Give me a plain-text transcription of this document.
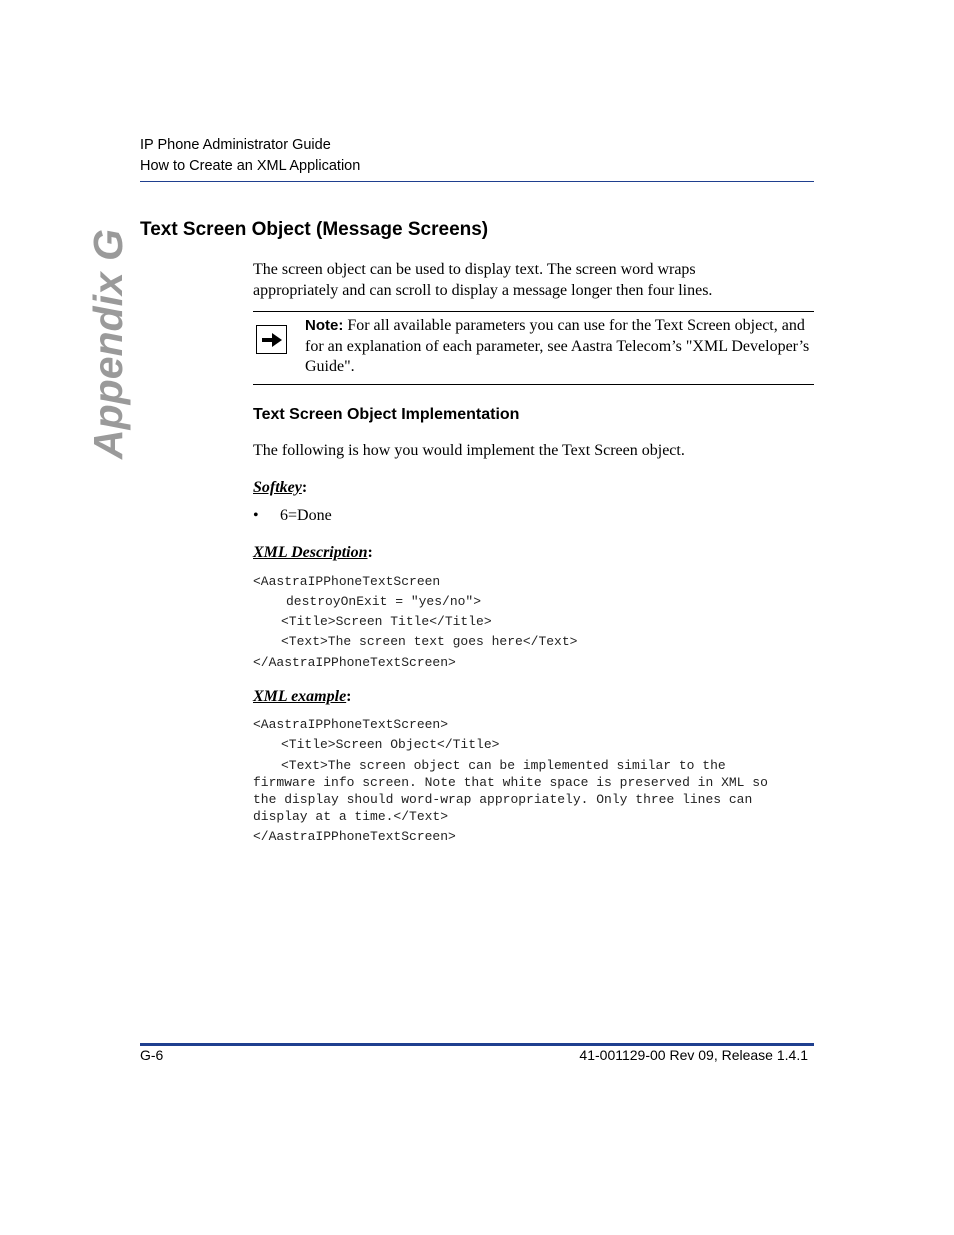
IP Phone Administrator Guide
How to Create an XML Application
Appendix G Text Screen Object (Message Screens)
The screen object can be used to display text. The screen word wraps appropriately and can scroll to display a message longer then four lines.
Note: For all available parameters you can use for the Text Screen object, and for an explanation of each parameter, see Aastra Telecom’s "XML Developer’s Guide".
Text Screen Object Implementation
The following is how you would implement the Text Screen object.
Softkey:
• 6=Done
XML Description:
<AastraIPPhoneTextScreen
destroyOnExit = "yes/no">
<Title>Screen Title</Title>
<Text>The screen text goes here</Text>
</AastraIPPhoneTextScreen>
XML example:
<AastraIPPhoneTextScreen>
<Title>Screen Object</Title>
<Text>The screen object can be implemented similar to the
firmware info screen. Note that white space is preserved in XML so
the display should word-wrap appropriately. Only three lines can
display at a time.</Text>
</AastraIPPhoneTextScreen>
G-6	41-001129-00 Rev 09, Release 1.4.1
